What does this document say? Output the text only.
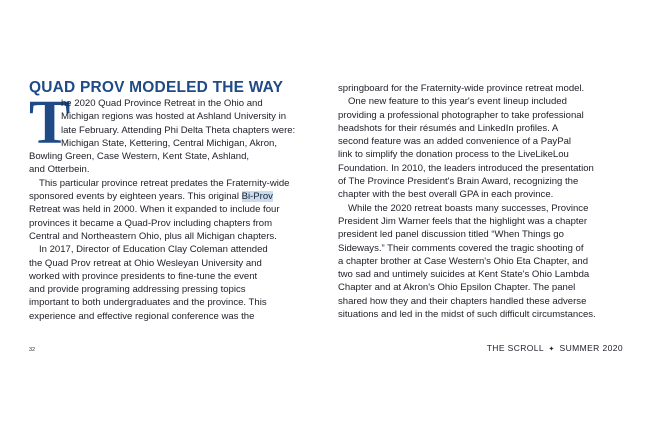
QUAD PROV MODELED THE WAY

T
he 2020 Quad Province Retreat in the Ohio and
Michigan regions was hosted at Ashland University in
late February. Attending Phi Delta Theta chapters were:
Michigan State, Kettering, Central Michigan, Akron,
Bowling Green, Case Western, Kent State, Ashland,
and Otterbein.

This particular province retreat predates the Fraternity-wide
sponsored events by eighteen years. This original Bi-Prov
Retreat was held in 2000. When it expanded to include four
provinces it became a Quad-Prov including chapters from
Central and Northeastern Ohio, plus all Michigan chapters.

In 2017, Director of Education Clay Coleman attended
the Quad Prov retreat at Ohio Wesleyan University and
worked with province presidents to fine-tune the event
and provide programing addressing pressing topics
important to both undergraduates and the province. This
experience and effective regional conference was the

springboard for the Fraternity-wide province retreat model.

One new feature to this year's event lineup included
providing a professional photographer to take professional
headshots for their résumés and LinkedIn profiles. A
second feature was an added convenience of a PayPal
link to simplify the donation process to the LiveLikeLou
Foundation. In 2010, the leaders introduced the presentation
of The Province President's Brain Award, recognizing the
chapter with the best overall GPA in each province.

While the 2020 retreat boasts many successes, Province
President Jim Warner feels that the highlight was a chapter
president led panel discussion titled “When Things go
Sideways.” Their comments covered the tragic shooting of
a chapter brother at Case Western's Ohio Eta Chapter, and
two sad and untimely suicides at Kent State's Ohio Lambda
Chapter and at Akron's Ohio Epsilon Chapter. The panel
shared how they and their chapters handled these adverse
situations and led in the midst of such difficult circumstances.

32	THE SCROLL ✦ SUMMER 2020
